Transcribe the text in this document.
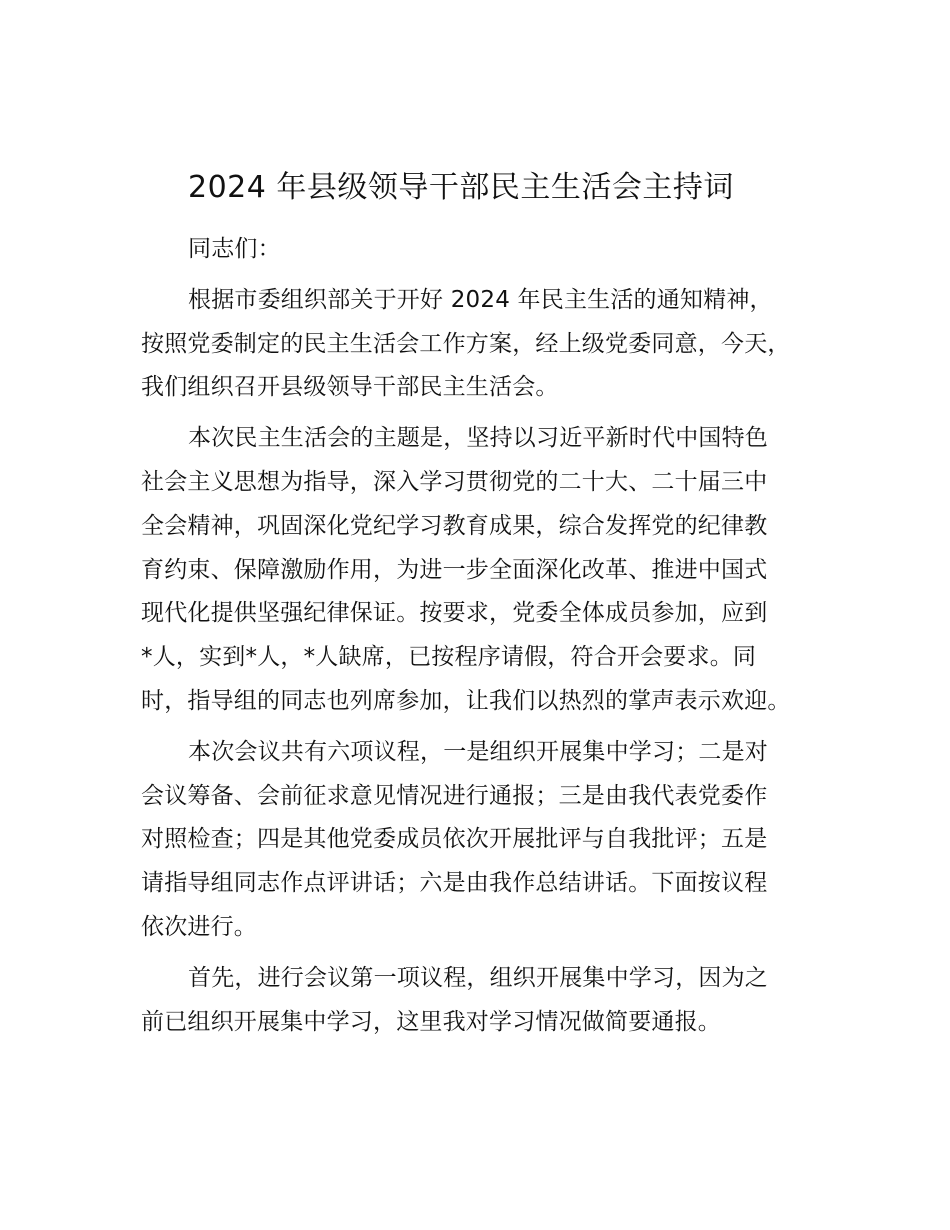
2024 年县级领导干部民主生活会主持词

同志们：

根据市委组织部关于开好 2024 年民主生活的通知精神，
按照党委制定的民主生活会工作方案，经上级党委同意，今天，
我们组织召开县级领导干部民主生活会。

本次民主生活会的主题是，坚持以习近平新时代中国特色
社会主义思想为指导，深入学习贯彻党的二十大、二十届三中
全会精神，巩固深化党纪学习教育成果，综合发挥党的纪律教
育约束、保障激励作用，为进一步全面深化改革、推进中国式
现代化提供坚强纪律保证。按要求，党委全体成员参加，应到
*人，实到*人，*人缺席，已按程序请假，符合开会要求。同
时，指导组的同志也列席参加，让我们以热烈的掌声表示欢迎。

本次会议共有六项议程，一是组织开展集中学习；二是对
会议筹备、会前征求意见情况进行通报；三是由我代表党委作
对照检查；四是其他党委成员依次开展批评与自我批评；五是
请指导组同志作点评讲话；六是由我作总结讲话。下面按议程
依次进行。

首先，进行会议第一项议程，组织开展集中学习，因为之
前已组织开展集中学习，这里我对学习情况做简要通报。
